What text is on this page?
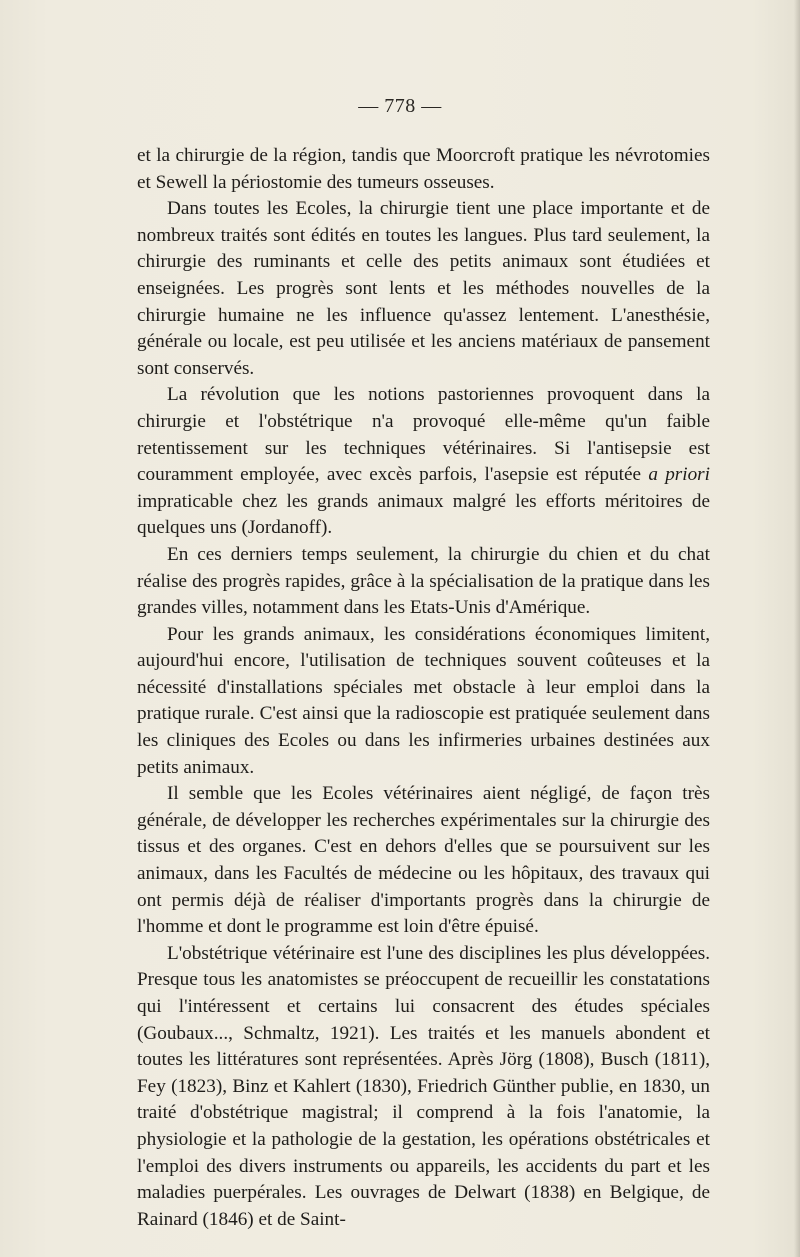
— 778 —

et la chirurgie de la région, tandis que Moorcroft pratique les névrotomies et Sewell la périostomie des tumeurs osseuses.

Dans toutes les Ecoles, la chirurgie tient une place importante et de nombreux traités sont édités en toutes les langues. Plus tard seulement, la chirurgie des ruminants et celle des petits animaux sont étudiées et enseignées. Les progrès sont lents et les méthodes nouvelles de la chirurgie humaine ne les influence qu'assez lentement. L'anesthésie, générale ou locale, est peu utilisée et les anciens matériaux de pansement sont conservés.

La révolution que les notions pastoriennes provoquent dans la chirurgie et l'obstétrique n'a provoqué elle-même qu'un faible retentissement sur les techniques vétérinaires. Si l'antisepsie est couramment employée, avec excès parfois, l'asepsie est réputée a priori impraticable chez les grands animaux malgré les efforts méritoires de quelques uns (Jordanoff).

En ces derniers temps seulement, la chirurgie du chien et du chat réalise des progrès rapides, grâce à la spécialisation de la pratique dans les grandes villes, notamment dans les Etats-Unis d'Amérique.

Pour les grands animaux, les considérations économiques limitent, aujourd'hui encore, l'utilisation de techniques souvent coûteuses et la nécessité d'installations spéciales met obstacle à leur emploi dans la pratique rurale. C'est ainsi que la radioscopie est pratiquée seulement dans les cliniques des Ecoles ou dans les infirmeries urbaines destinées aux petits animaux.

Il semble que les Ecoles vétérinaires aient négligé, de façon très générale, de développer les recherches expérimentales sur la chirurgie des tissus et des organes. C'est en dehors d'elles que se poursuivent sur les animaux, dans les Facultés de médecine ou les hôpitaux, des travaux qui ont permis déjà de réaliser d'importants progrès dans la chirurgie de l'homme et dont le programme est loin d'être épuisé.

L'obstétrique vétérinaire est l'une des disciplines les plus développées. Presque tous les anatomistes se préoccupent de recueillir les constatations qui l'intéressent et certains lui consacrent des études spéciales (Goubaux..., Schmaltz, 1921). Les traités et les manuels abondent et toutes les littératures sont représentées. Après Jörg (1808), Busch (1811), Fey (1823), Binz et Kahlert (1830), Friedrich Günther publie, en 1830, un traité d'obstétrique magistral; il comprend à la fois l'anatomie, la physiologie et la pathologie de la gestation, les opérations obstétricales et l'emploi des divers instruments ou appareils, les accidents du part et les maladies puerpérales. Les ouvrages de Delwart (1838) en Belgique, de Rainard (1846) et de Saint-
